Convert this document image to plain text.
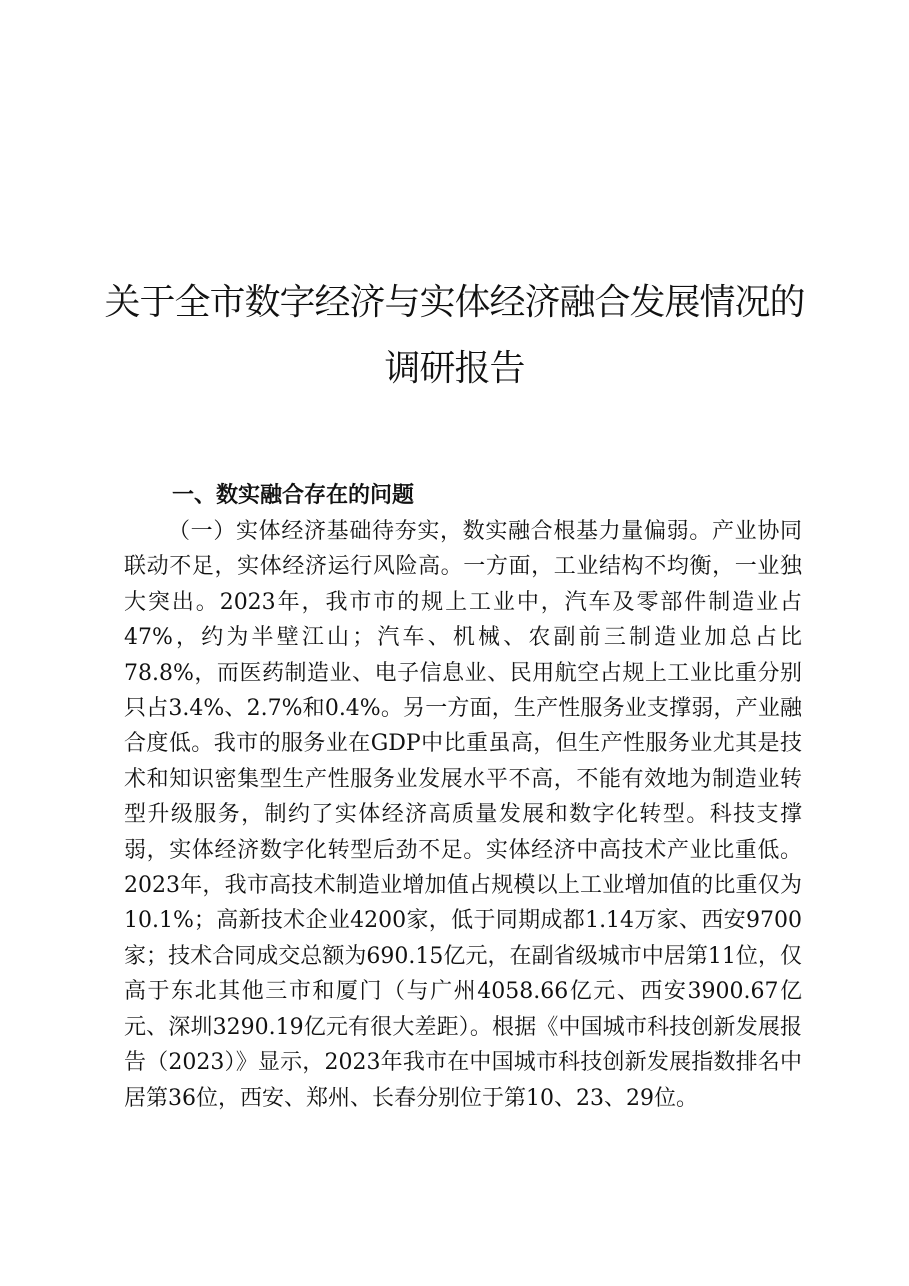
关于全市数字经济与实体经济融合发展情况的
调研报告
一、数实融合存在的问题

（一）实体经济基础待夯实，数实融合根基力量偏弱。产业协同联动不足，实体经济运行风险高。一方面，工业结构不均衡，一业独大突出。2023年，我市市的规上工业中，汽车及零部件制造业占47%，约为半壁江山；汽车、机械、农副前三制造业加总占比78.8%，而医药制造业、电子信息业、民用航空占规上工业比重分别只占3.4%、2.7%和0.4%。另一方面，生产性服务业支撑弱，产业融合度低。我市的服务业在GDP中比重虽高，但生产性服务业尤其是技术和知识密集型生产性服务业发展水平不高，不能有效地为制造业转型升级服务，制约了实体经济高质量发展和数字化转型。科技支撑弱，实体经济数字化转型后劲不足。实体经济中高技术产业比重低。2023年，我市高技术制造业增加值占规模以上工业增加值的比重仅为10.1%；高新技术企业4200家，低于同期成都1.14万家、西安9700家；技术合同成交总额为690.15亿元，在副省级城市中居第11位，仅高于东北其他三市和厦门（与广州4058.66亿元、西安3900.67亿元、深圳3290.19亿元有很大差距）。根据《中国城市科技创新发展报告（2023）》显示，2023年我市在中国城市科技创新发展指数排名中居第36位，西安、郑州、长春分别位于第10、23、29位。
